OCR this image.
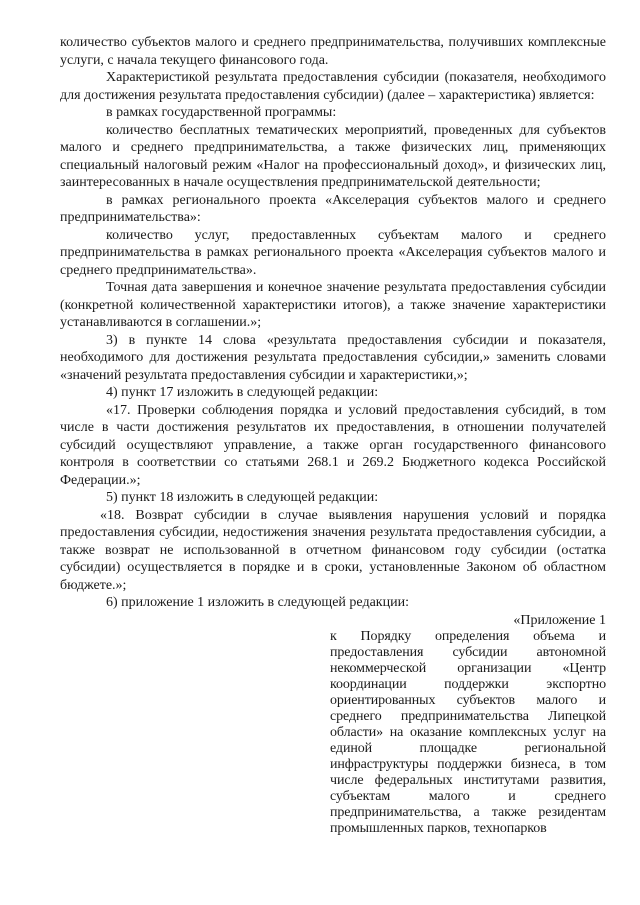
количество субъектов малого и среднего предпринимательства, получивших комплексные услуги, с начала текущего финансового года.

Характеристикой результата предоставления субсидии (показателя, необходимого для достижения результата предоставления субсидии) (далее – характеристика) является:

в рамках государственной программы:

количество бесплатных тематических мероприятий, проведенных для субъектов малого и среднего предпринимательства, а также физических лиц, применяющих специальный налоговый режим «Налог на профессиональный доход», и физических лиц, заинтересованных в начале осуществления предпринимательской деятельности;

в рамках регионального проекта «Акселерация субъектов малого и среднего предпринимательства»:

количество услуг, предоставленных субъектам малого и среднего предпринимательства в рамках регионального проекта «Акселерация субъектов малого и среднего предпринимательства».

Точная дата завершения и конечное значение результата предоставления субсидии (конкретной количественной характеристики итогов), а также значение характеристики устанавливаются в соглашении.»;

3) в пункте 14 слова «результата предоставления субсидии и показателя, необходимого для достижения результата предоставления субсидии,» заменить словами «значений результата предоставления субсидии и характеристики,»;

4) пункт 17 изложить в следующей редакции:

«17. Проверки соблюдения порядка и условий предоставления субсидий, в том числе в части достижения результатов их предоставления, в отношении получателей субсидий осуществляют управление, а также орган государственного финансового контроля в соответствии со статьями 268.1 и 269.2 Бюджетного кодекса Российской Федерации.»;

5) пункт 18 изложить в следующей редакции:

«18. Возврат субсидии в случае выявления нарушения условий и порядка предоставления субсидии, недостижения значения результата предоставления субсидии, а также возврат не использованной в отчетном финансовом году субсидии (остатка субсидии) осуществляется в порядке и в сроки, установленные Законом об областном бюджете.»;

6) приложение 1 изложить в следующей редакции:

«Приложение 1

к Порядку определения объема и предоставления субсидии автономной некоммерческой организации «Центр координации поддержки экспортно ориентированных субъектов малого и среднего предпринимательства Липецкой области» на оказание комплексных услуг на единой площадке региональной инфраструктуры поддержки бизнеса, в том числе федеральных институтами развития, субъектам малого и среднего предпринимательства, а также резидентам промышленных парков, технопарков
